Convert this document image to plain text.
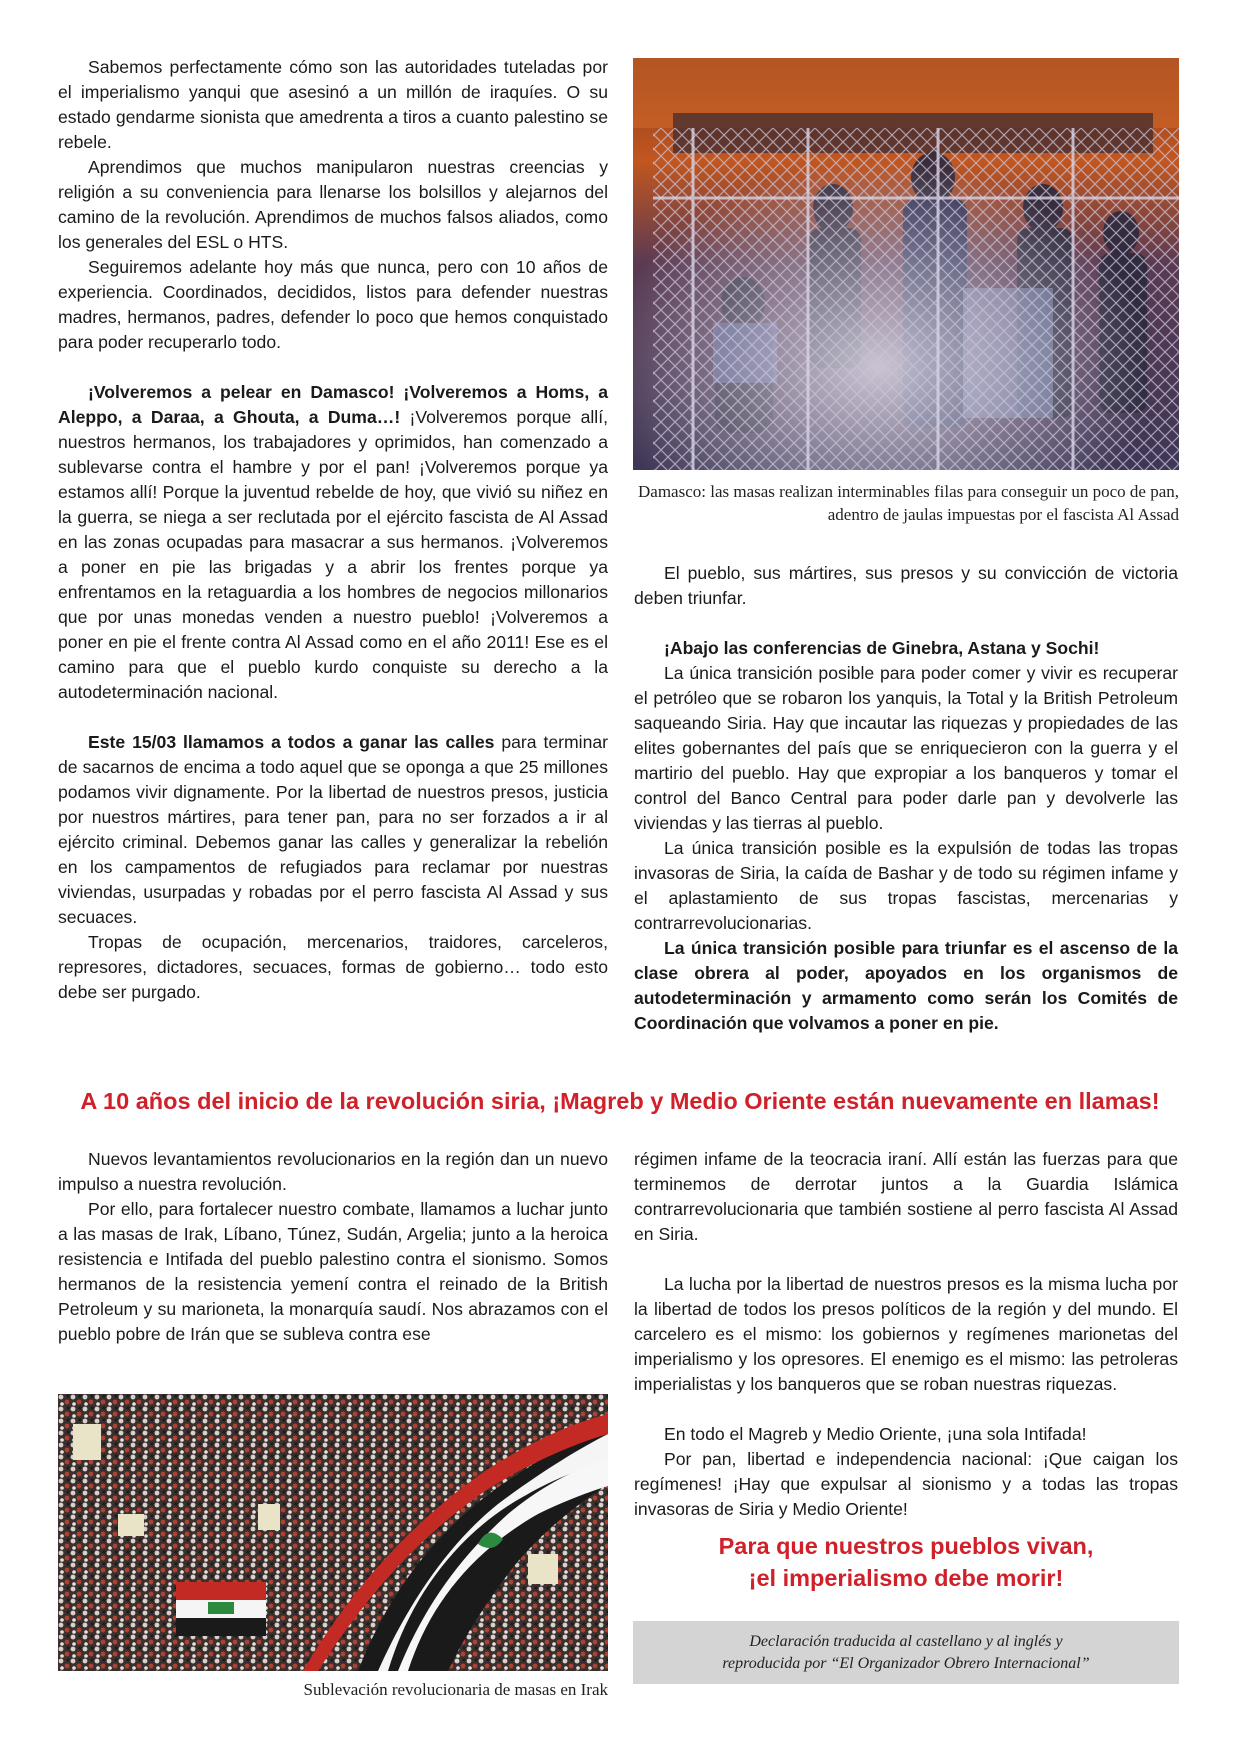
Sabemos perfectamente cómo son las autoridades tuteladas por el imperialismo yanqui que asesinó a un millón de iraquíes. O su estado gendarme sionista que amedrenta a tiros a cuanto palestino se rebele.

Aprendimos que muchos manipularon nuestras creencias y religión a su conveniencia para llenarse los bolsillos y alejarnos del camino de la revolución. Aprendimos de muchos falsos aliados, como los generales del ESL o HTS.

Seguiremos adelante hoy más que nunca, pero con 10 años de experiencia. Coordinados, decididos, listos para defender nuestras madres, hermanos, padres, defender lo poco que hemos conquistado para poder recuperarlo todo.

¡Volveremos a pelear en Damasco! ¡Volveremos a Homs, a Aleppo, a Daraa, a Ghouta, a Duma…! ¡Volveremos porque allí, nuestros hermanos, los trabajadores y oprimidos, han comenzado a sublevarse contra el hambre y por el pan! ¡Volveremos porque ya estamos allí! Porque la juventud rebelde de hoy, que vivió su niñez en la guerra, se niega a ser reclutada por el ejército fascista de Al Assad en las zonas ocupadas para masacrar a sus hermanos. ¡Volveremos a poner en pie las brigadas y a abrir los frentes porque ya enfrentamos en la retaguardia a los hombres de negocios millonarios que por unas monedas venden a nuestro pueblo! ¡Volveremos a poner en pie el frente contra Al Assad como en el año 2011! Ese es el camino para que el pueblo kurdo conquiste su derecho a la autodeterminación nacional.

Este 15/03 llamamos a todos a ganar las calles para terminar de sacarnos de encima a todo aquel que se oponga a que 25 millones podamos vivir dignamente. Por la libertad de nuestros presos, justicia por nuestros mártires, para tener pan, para no ser forzados a ir al ejército criminal. Debemos ganar las calles y generalizar la rebelión en los campamentos de refugiados para reclamar por nuestras viviendas, usurpadas y robadas por el perro fascista Al Assad y sus secuaces.

Tropas de ocupación, mercenarios, traidores, carceleros, represores, dictadores, secuaces, formas de gobierno… todo esto debe ser purgado.

Damasco: las masas realizan interminables filas para conseguir un poco de pan, adentro de jaulas impuestas por el fascista Al Assad

El pueblo, sus mártires, sus presos y su convicción de victoria deben triunfar.

¡Abajo las conferencias de Ginebra, Astana y Sochi!

La única transición posible para poder comer y vivir es recuperar el petróleo que se robaron los yanquis, la Total y la British Petroleum saqueando Siria. Hay que incautar las riquezas y propiedades de las elites gobernantes del país que se enriquecieron con la guerra y el martirio del pueblo. Hay que expropiar a los banqueros y tomar el control del Banco Central para poder darle pan y devolverle las viviendas y las tierras al pueblo.

La única transición posible es la expulsión de todas las tropas invasoras de Siria, la caída de Bashar y de todo su régimen infame y el aplastamiento de sus tropas fascistas, mercenarias y contrarrevolucionarias.

La única transición posible para triunfar es el ascenso de la clase obrera al poder, apoyados en los organismos de autodeterminación y armamento como serán los Comités de Coordinación que volvamos a poner en pie.

A 10 años del inicio de la revolución siria, ¡Magreb y Medio Oriente están nuevamente en llamas!

Nuevos levantamientos revolucionarios en la región dan un nuevo impulso a nuestra revolución.

Por ello, para fortalecer nuestro combate, llamamos a luchar junto a las masas de Irak, Líbano, Túnez, Sudán, Argelia; junto a la heroica resistencia e Intifada del pueblo palestino contra el sionismo. Somos hermanos de la resistencia yemení contra el reinado de la British Petroleum y su marioneta, la monarquía saudí. Nos abrazamos con el pueblo pobre de Irán que se subleva contra ese

Sublevación revolucionaria de masas en Irak

régimen infame de la teocracia iraní. Allí están las fuerzas para que terminemos de derrotar juntos a la Guardia Islámica contrarrevolucionaria que también sostiene al perro fascista Al Assad en Siria.

La lucha por la libertad de nuestros presos es la misma lucha por la libertad de todos los presos políticos de la región y del mundo. El carcelero es el mismo: los gobiernos y regímenes marionetas del imperialismo y los opresores. El enemigo es el mismo: las petroleras imperialistas y los banqueros que se roban nuestras riquezas.

En todo el Magreb y Medio Oriente, ¡una sola Intifada!

Por pan, libertad e independencia nacional: ¡Que caigan los regímenes! ¡Hay que expulsar al sionismo y a todas las tropas invasoras de Siria y Medio Oriente!

Para que nuestros pueblos vivan,
¡el imperialismo debe morir!
Declaración traducida al castellano y al inglés y
reproducida por “El Organizador Obrero Internacional”
